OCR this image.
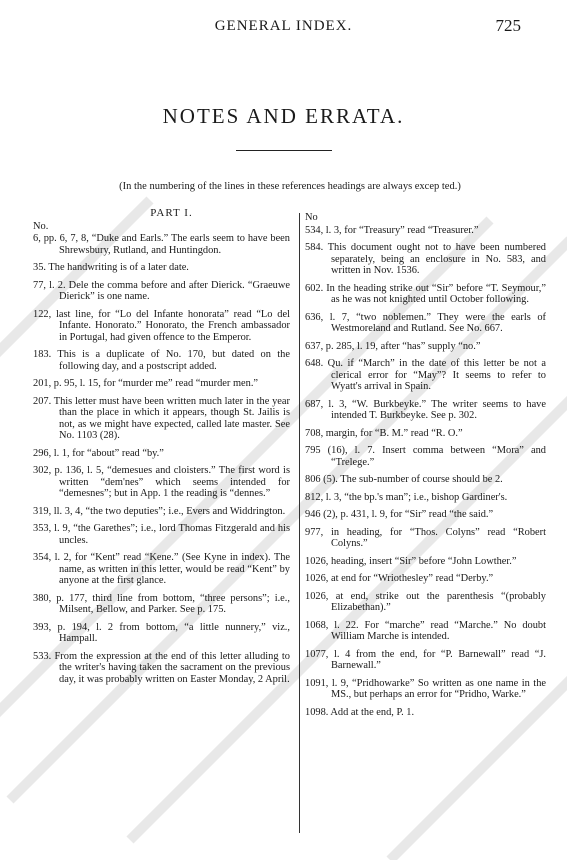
GENERAL INDEX.	725
NOTES AND ERRATA.
(In the numbering of the lines in these references headings are always excep ted.)
PART I.
No.
6, pp. 6, 7, 8, “Duke and Earls.” The earls seem to have been Shrewsbury, Rutland, and Huntingdon.
35. The handwriting is of a later date.
77, l. 2. Dele the comma before and after Dierick. “Graeuwe Dierick” is one name.
122, last line, for “Lo del Infante honorata” read “Lo del Infante. Honorato.” Honorato, the French ambassador in Portugal, had given offence to the Emperor.
183. This is a duplicate of No. 170, but dated on the following day, and a postscript added.
201, p. 95, l. 15, for “murder me” read “murder men.”
207. This letter must have been written much later in the year than the place in which it appears, though St. Jailis is not, as we might have expected, called late master. See No. 1103 (28).
296, l. 1, for “about” read “by.”
302, p. 136, l. 5, “demesues and cloisters.” The first word is written “dem'nes” which seems intended for “demesnes”; but in App. 1 the reading is “dennes.”
319, ll. 3, 4, “the two deputies”; i.e., Evers and Widdrington.
353, l. 9, “the Garethes”; i.e., lord Thomas Fitzgerald and his uncles.
354, l. 2, for “Kent” read “Kene.” (See Kyne in index). The name, as written in this letter, would be read “Kent” by anyone at the first glance.
380, p. 177, third line from bottom, “three persons”; i.e., Milsent, Bellow, and Parker. See p. 175.
393, p. 194, l. 2 from bottom, “a little nunnery,” viz., Hampall.
533. From the expression at the end of this letter alluding to the writer's having taken the sacrament on the previous day, it was probably written on Easter Monday, 2 April.
No
534, l. 3, for “Treasury” read “Treasurer.”
584. This document ought not to have been numbered separately, being an enclosure in No. 583, and written in Nov. 1536.
602. In the heading strike out “Sir” before “T. Seymour,” as he was not knighted until October following.
636, l. 7, “two noblemen.” They were the earls of Westmoreland and Rutland. See No. 667.
637, p. 285, l. 19, after “has” supply “no.”
648. Qu. if “March” in the date of this letter be not a clerical error for “May”? It seems to refer to Wyatt's arrival in Spain.
687, l. 3, “W. Burkbeyke.” The writer seems to have intended T. Burkbeyke. See p. 302.
708, margin, for “B. M.” read “R. O.”
795 (16), l. 7. Insert comma between “Mora” and “Trelege.”
806 (5). The sub-number of course should be 2.
812, l. 3, “the bp.'s man”; i.e., bishop Gardiner's.
946 (2), p. 431, l. 9, for “Sir” read “the said.”
977, in heading, for “Thos. Colyns” read “Robert Colyns.”
1026, heading, insert “Sir” before “John Lowther.”
1026, at end for “Wriothesley” read “Derby.”
1026, at end, strike out the parenthesis “(probably Elizabethan).”
1068, l. 22. For “marche” read “Marche.” No doubt William Marche is intended.
1077, l. 4 from the end, for “P. Barnewall” read “J. Barnewall.”
1091, l. 9, “Pridhowarke” So written as one name in the MS., but perhaps an error for “Pridho, Warke.”
1098. Add at the end, P. 1.
